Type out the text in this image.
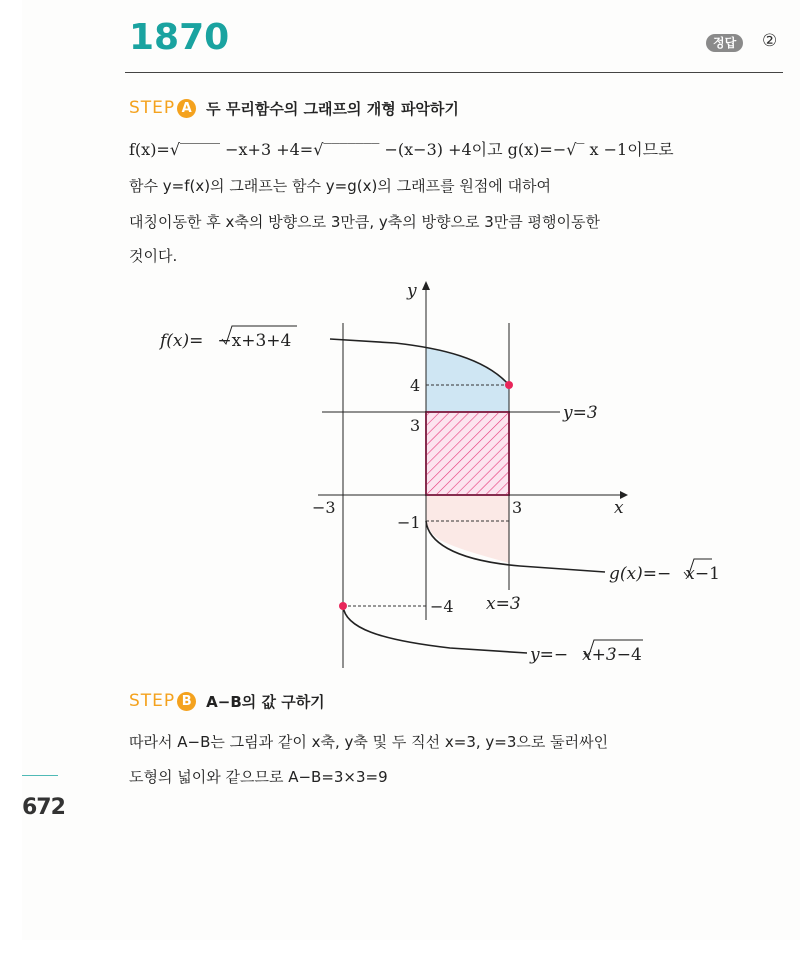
1870	정답	②
STEP A 두 무리함수의 그래프의 개형 파악하기
f(x)=√‾‾‾‾‾ −x+3 +4=√‾‾‾‾‾‾‾ −(x−3) +4이고 g(x)=−√‾ x −1이므로
함수 y=f(x)의 그래프는 함수 y=g(x)의 그래프를 원점에 대하여
대칭이동한 후 x축의 방향으로 3만큼, y축의 방향으로 3만큼 평행이동한
것이다.
y
x
4
3
−1
−3	3
−4
y=3
x=3
f(x)= −x+3+4
g(x)=− x−1
y=− x+3−4
STEP B A−B의 값 구하기
따라서 A−B는 그림과 같이 x축, y축 및 두 직선 x=3, y=3으로 둘러싸인
도형의 넓이와 같으므로 A−B=3×3=9
672
